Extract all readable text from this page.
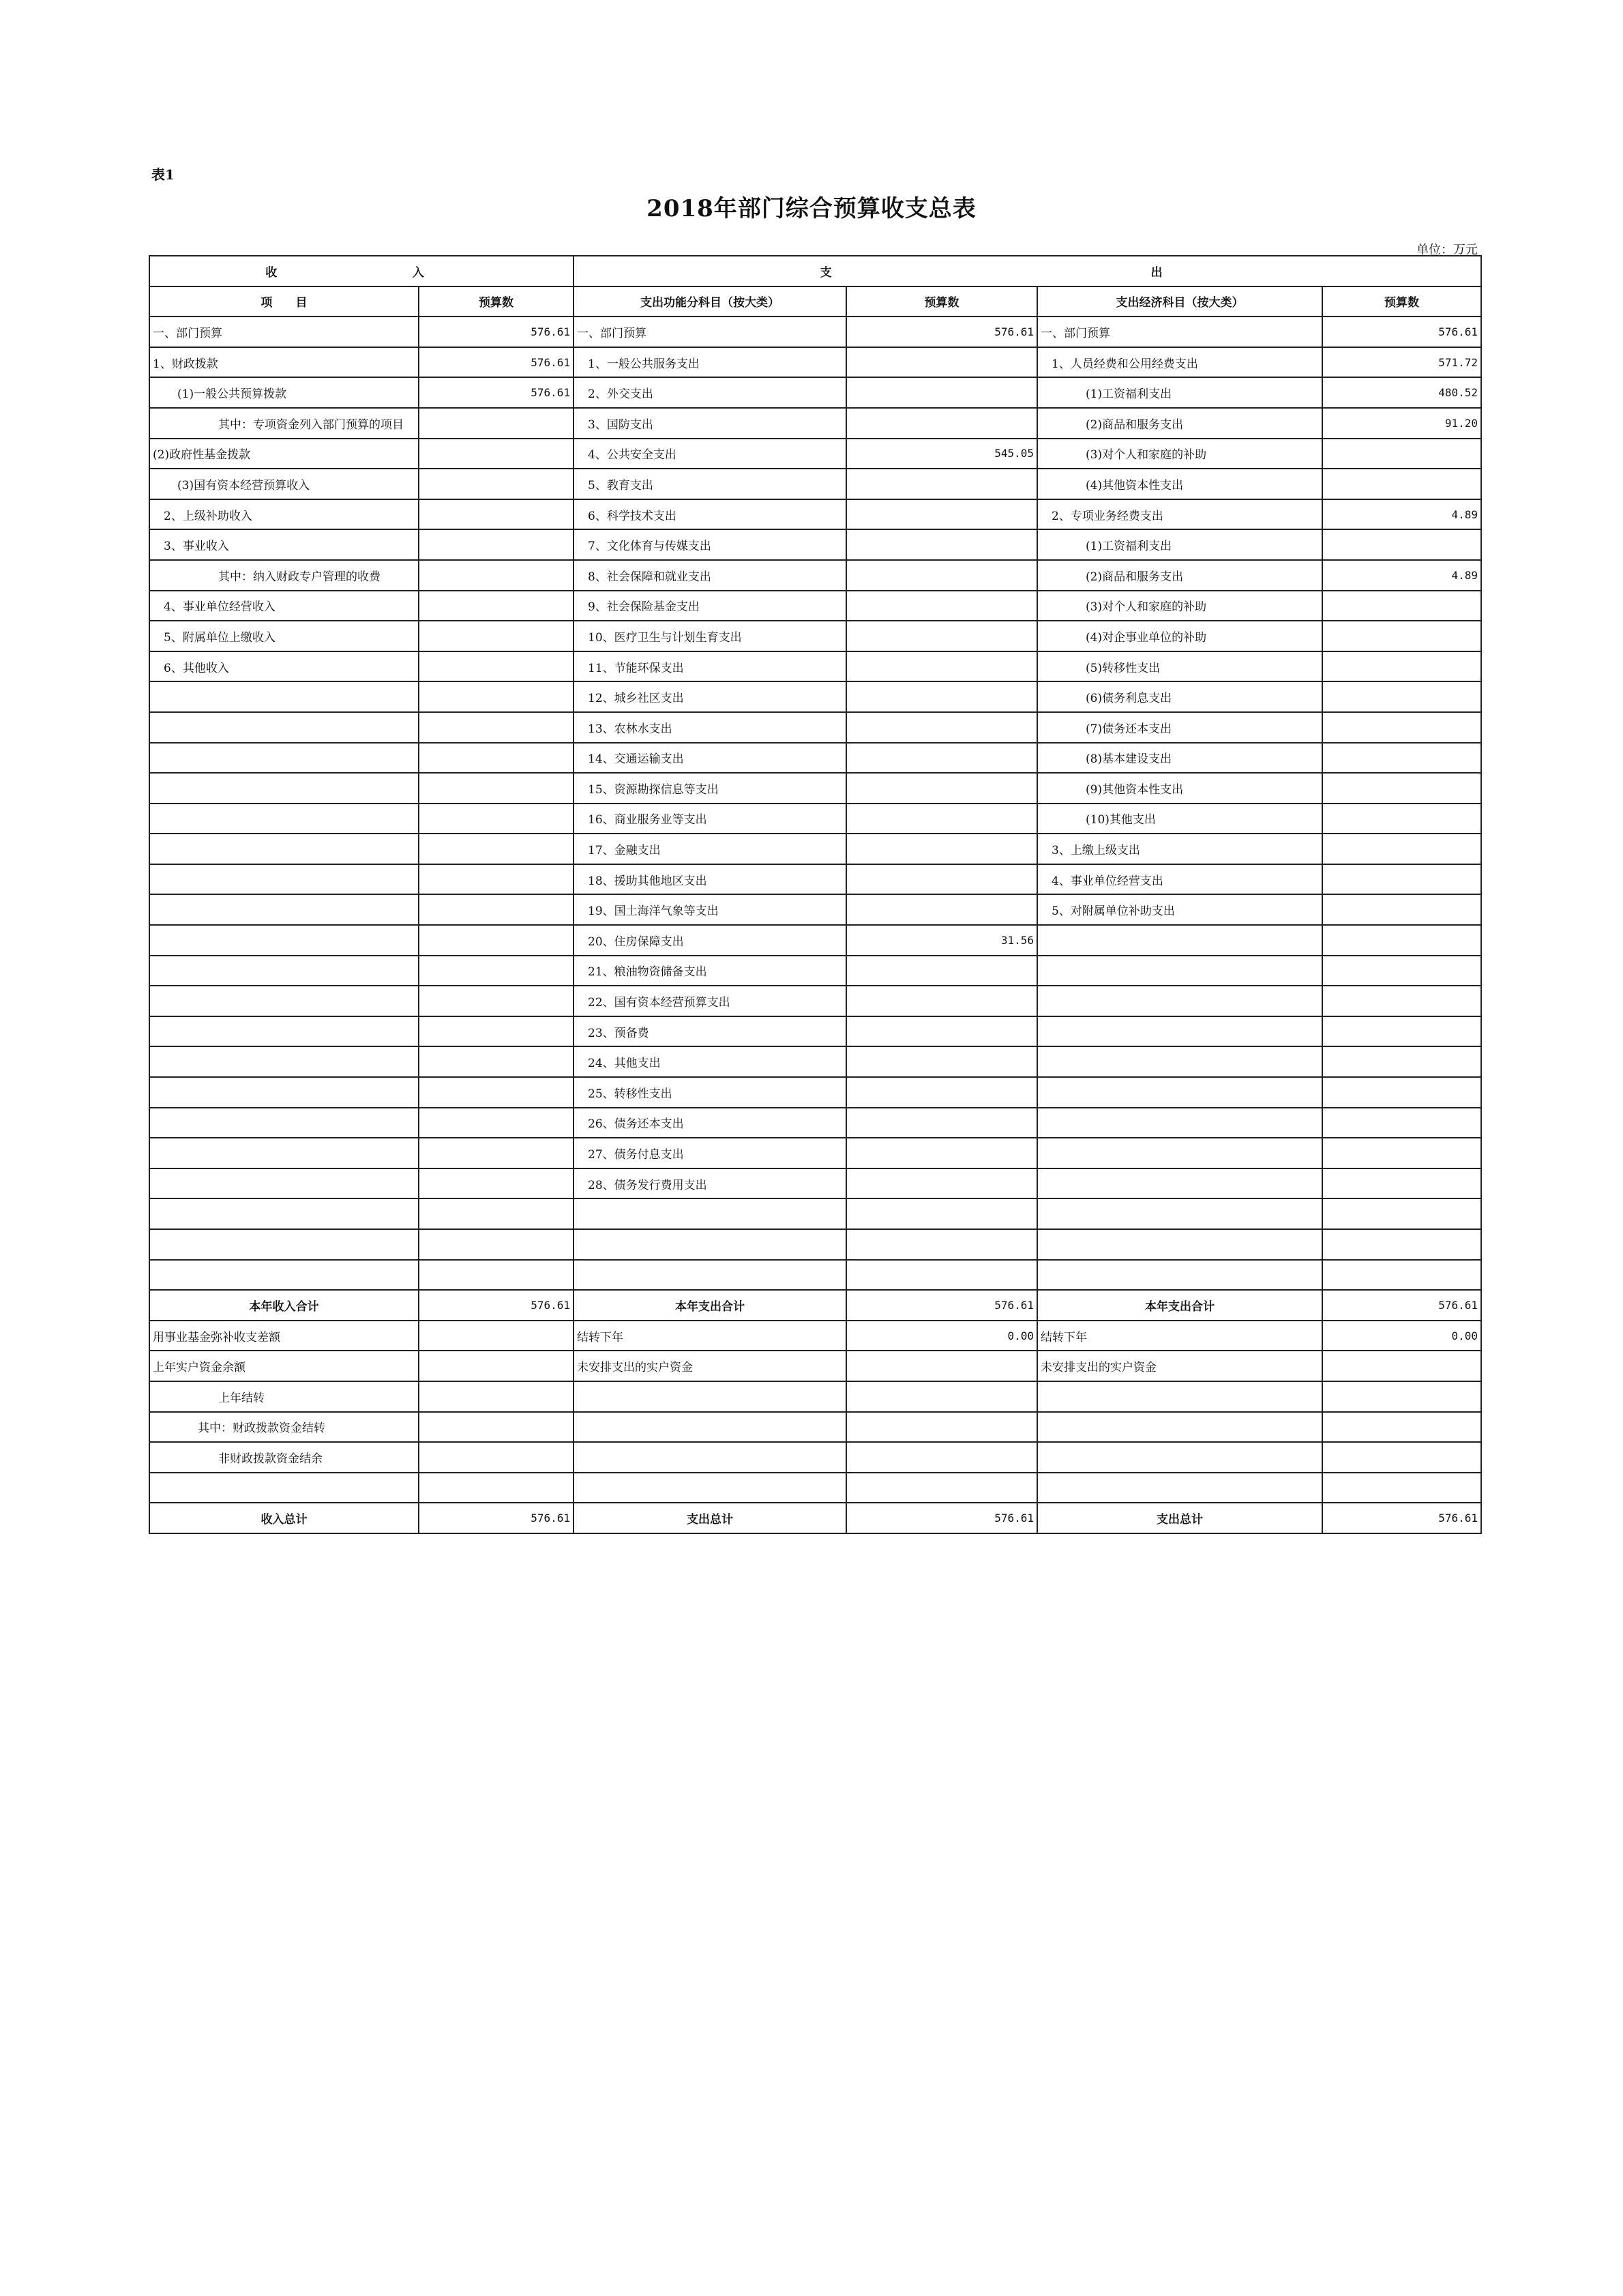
表1
2018年部门综合预算收支总表
单位：万元
收 入		支 出			

项　　目	预算数	支出功能分科目（按大类）	预算数	支出经济科目（按大类）	预算数
一、部门预算	576.61	一、部门预算	576.61	一、部门预算	576.61
1、财政拨款	576.61	1、一般公共服务支出		1、人员经费和公用经费支出	571.72
(1)一般公共预算拨款	576.61	2、外交支出		(1)工资福利支出	480.52
其中：专项资金列入部门预算的项目		3、国防支出		(2)商品和服务支出	91.20
(2)政府性基金拨款		4、公共安全支出	545.05	(3)对个人和家庭的补助	
(3)国有资本经营预算收入		5、教育支出		(4)其他资本性支出	
2、上级补助收入		6、科学技术支出		2、专项业务经费支出	4.89
3、事业收入		7、文化体育与传媒支出		(1)工资福利支出	
其中：纳入财政专户管理的收费		8、社会保障和就业支出		(2)商品和服务支出	4.89
4、事业单位经营收入		9、社会保险基金支出		(3)对个人和家庭的补助	
5、附属单位上缴收入		10、医疗卫生与计划生育支出		(4)对企事业单位的补助	
6、其他收入		11、节能环保支出		(5)转移性支出	
		12、城乡社区支出		(6)债务利息支出	
		13、农林水支出		(7)债务还本支出	
		14、交通运输支出		(8)基本建设支出	
		15、资源勘探信息等支出		(9)其他资本性支出	
		16、商业服务业等支出		(10)其他支出	
		17、金融支出		3、上缴上级支出	
		18、援助其他地区支出		4、事业单位经营支出	
		19、国土海洋气象等支出		5、对附属单位补助支出	
		20、住房保障支出	31.56		
		21、粮油物资储备支出			
		22、国有资本经营预算支出			
		23、预备费			
		24、其他支出			
		25、转移性支出			
		26、债务还本支出			
		27、债务付息支出			
		28、债务发行费用支出			

本年收入合计	576.61	本年支出合计	576.61	本年支出合计	576.61
用事业基金弥补收支差额		结转下年	0.00	结转下年	0.00
上年实户资金余额		未安排支出的实户资金		未安排支出的实户资金	
上年结转					
其中：财政拨款资金结转					
非财政拨款资金结余					

收入总计	576.61	支出总计	576.61	支出总计	576.61
